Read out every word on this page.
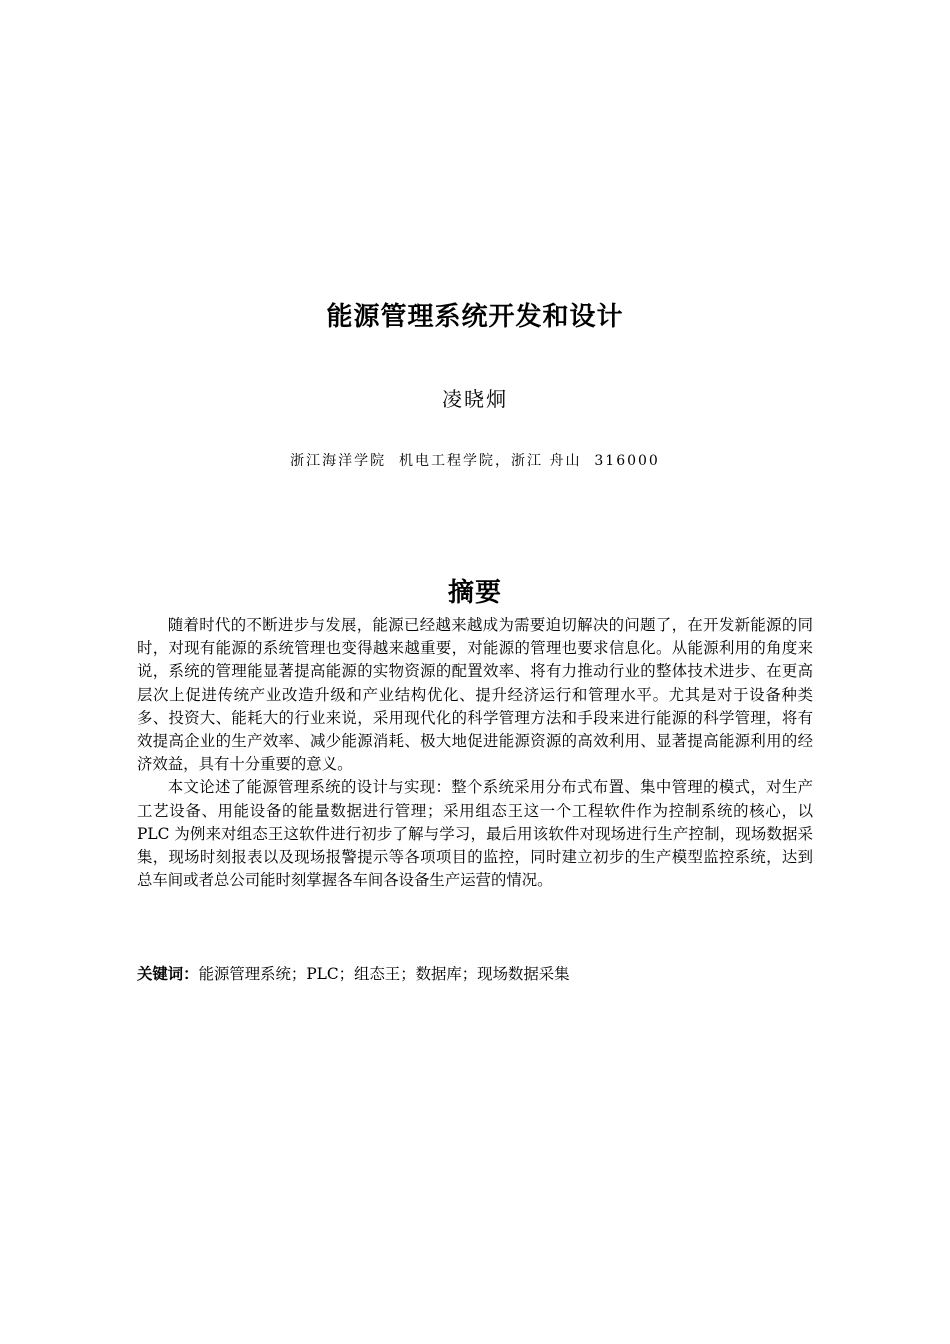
能源管理系统开发和设计
凌晓炯
浙江海洋学院  机电工程学院，浙江 舟山  316000
摘要

随着时代的不断进步与发展，能源已经越来越成为需要迫切解决的问题了，在开发新能源的同时，对现有能源的系统管理也变得越来越重要，对能源的管理也要求信息化。从能源利用的角度来说，系统的管理能显著提高能源的实物资源的配置效率、将有力推动行业的整体技术进步、在更高层次上促进传统产业改造升级和产业结构优化、提升经济运行和管理水平。尤其是对于设备种类多、投资大、能耗大的行业来说，采用现代化的科学管理方法和手段来进行能源的科学管理，将有效提高企业的生产效率、减少能源消耗、极大地促进能源资源的高效利用、显著提高能源利用的经济效益，具有十分重要的意义。

本文论述了能源管理系统的设计与实现：整个系统采用分布式布置、集中管理的模式，对生产工艺设备、用能设备的能量数据进行管理；采用组态王这一个工程软件作为控制系统的核心，以 PLC 为例来对组态王这软件进行初步了解与学习，最后用该软件对现场进行生产控制，现场数据采集，现场时刻报表以及现场报警提示等各项项目的监控，同时建立初步的生产模型监控系统，达到总车间或者总公司能时刻掌握各车间各设备生产运营的情况。

关键词：能源管理系统；PLC；组态王；数据库；现场数据采集
